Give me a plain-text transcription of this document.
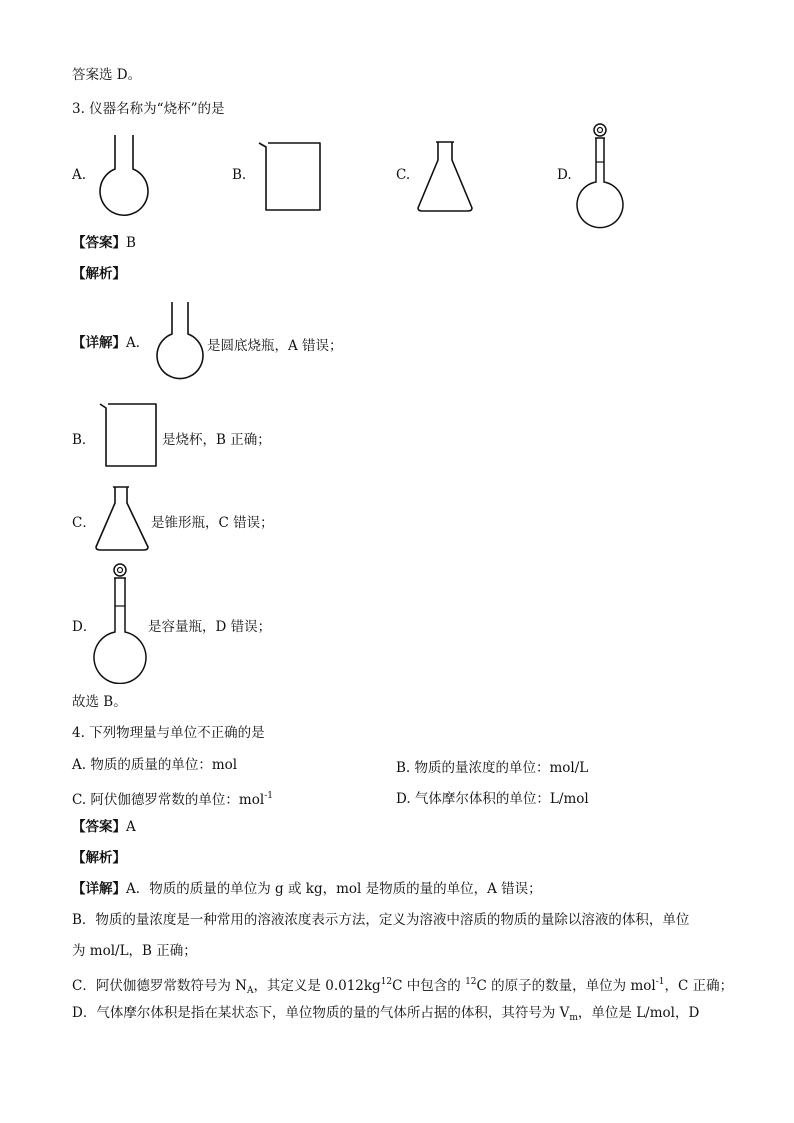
答案选 D。
3. 仪器名称为“烧杯”的是
A.	B.	C.	D.
【答案】B
【解析】
【详解】A．	是圆底烧瓶，A 错误；
B．	是烧杯，B 正确；
C．	是锥形瓶，C 错误；
D．	是容量瓶，D 错误；
故选 B。
4. 下列物理量与单位不正确的是
A. 物质的质量的单位：mol	B. 物质的量浓度的单位：mol/L
C. 阿伏伽德罗常数的单位：mol$^{-1}$	D. 气体摩尔体积的单位：L/mol
【答案】A
【解析】
【详解】A．物质的质量的单位为 g 或 kg，mol 是物质的量的单位，A 错误；
B．物质的量浓度是一种常用的溶液浓度表示方法，定义为溶液中溶质的物质的量除以溶液的体积，单位
为 mol/L，B 正确；
C．阿伏伽德罗常数符号为 $N_A$，其定义是 $0.012kg^{12}C$ 中包含的 $^{12}$C 的原子的数量，单位为 mol$^{-1}$，C 正确；
D．气体摩尔体积是指在某状态下，单位物质的量的气体所占据的体积，其符号为 $V_m$，单位是 L/mol，D
